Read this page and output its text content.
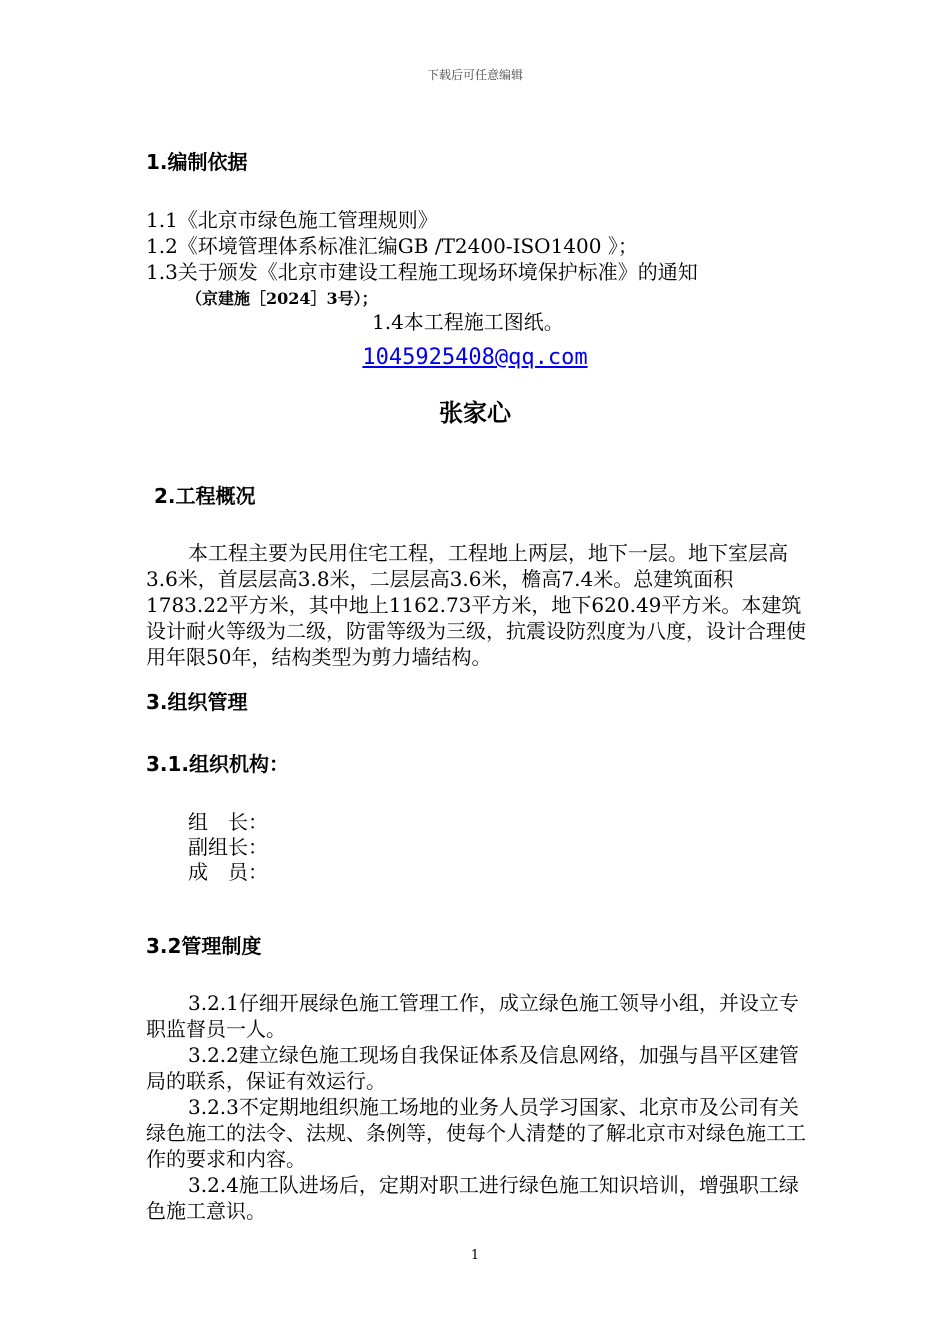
下载后可任意编辑
1.编制依据
1.1《北京市绿色施工管理规则》
1.2《环境管理体系标准汇编GB /T2400-ISO1400 》；
1.3关于颁发《北京市建设工程施工现场环境保护标准》的通知
（京建施［2024］3号）；
1.4本工程施工图纸。
1045925408@qq.com
张家心
2.工程概况

本工程主要为民用住宅工程，工程地上两层，地下一层。地下室层高3.6米，首层层高3.8米，二层层高3.6米，檐高7.4米。总建筑面积1783.22平方米，其中地上1162.73平方米，地下620.49平方米。本建筑设计耐火等级为二级，防雷等级为三级，抗震设防烈度为八度，设计合理使用年限50年，结构类型为剪力墙结构。

3.组织管理
3.1.组织机构：
组　长：
副组长：
成　员：
3.2管理制度

3.2.1仔细开展绿色施工管理工作，成立绿色施工领导小组，并设立专职监督员一人。

3.2.2建立绿色施工现场自我保证体系及信息网络，加强与昌平区建管局的联系，保证有效运行。

3.2.3不定期地组织施工场地的业务人员学习国家、北京市及公司有关绿色施工的法令、法规、条例等，使每个人清楚的了解北京市对绿色施工工作的要求和内容。

3.2.4施工队进场后，定期对职工进行绿色施工知识培训，增强职工绿色施工意识。

1
